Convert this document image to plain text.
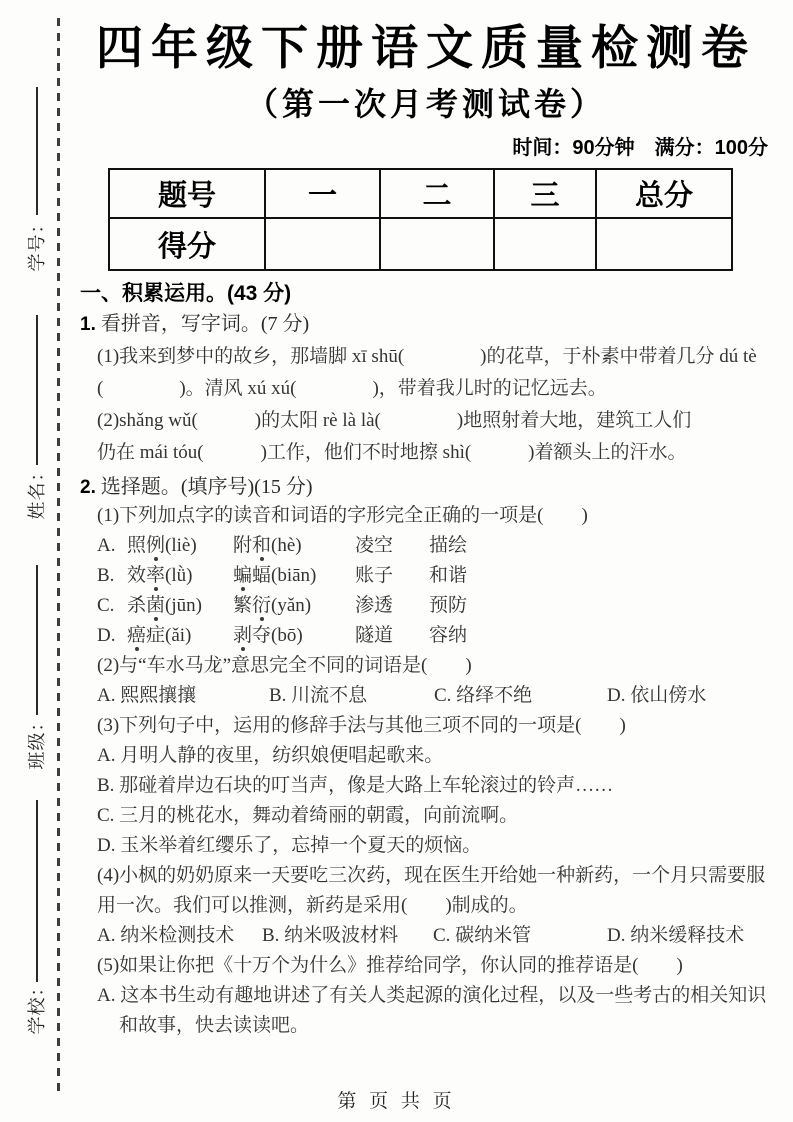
学号：
姓名：
班级：
学校：
四年级下册语文质量检测卷
（第一次月考测试卷）
时间：90分钟　满分：100分
题号	一	二	三	总分
得分				
一、积累运用。(43 分)
1. 看拼音，写字词。(7 分)
(1)我来到梦中的故乡，那墙脚 xī shū(　　　　)的花草，于朴素中带着几分 dú tè
(　　　　)。清风 xú xú(　　　　)，带着我儿时的记忆远去。
(2)shǎng wǔ(　　　)的太阳 rè là là(　　　　)地照射着大地，建筑工人们
仍在 mái tóu(　　　)工作，他们不时地擦 shì(　　　)着额头上的汗水。
2. 选择题。(填序号)(15 分)
(1)下列加点字的读音和词语的字形完全正确的一项是(　　)
A. 照例(liè)	附和(hè)	凌空	描绘
B. 效率(lǜ)	蝙蝠(biān)	账子	和谐
C. 杀菌(jūn)	繁衍(yǎn)	渗透	预防
D. 癌症(ǎi)	剥夺(bō)	隧道	容纳
(2)与“车水马龙”意思完全不同的词语是(　　)
A. 熙熙攘攘	B. 川流不息	C. 络绎不绝	D. 依山傍水
(3)下列句子中，运用的修辞手法与其他三项不同的一项是(　　)
A. 月明人静的夜里，纺织娘便唱起歌来。
B. 那碰着岸边石块的叮当声，像是大路上车轮滚过的铃声……
C. 三月的桃花水，舞动着绮丽的朝霞，向前流啊。
D. 玉米举着红缨乐了，忘掉一个夏天的烦恼。
(4)小枫的奶奶原来一天要吃三次药，现在医生开给她一种新药，一个月只需要服
用一次。我们可以推测，新药是采用(　　)制成的。
A. 纳米检测技术	B. 纳米吸波材料	C. 碳纳米管	D. 纳米缓释技术
(5)如果让你把《十万个为什么》推荐给同学，你认同的推荐语是(　　)
A. 这本书生动有趣地讲述了有关人类起源的演化过程，以及一些考古的相关知识
和故事，快去读读吧。
第 页 共 页
